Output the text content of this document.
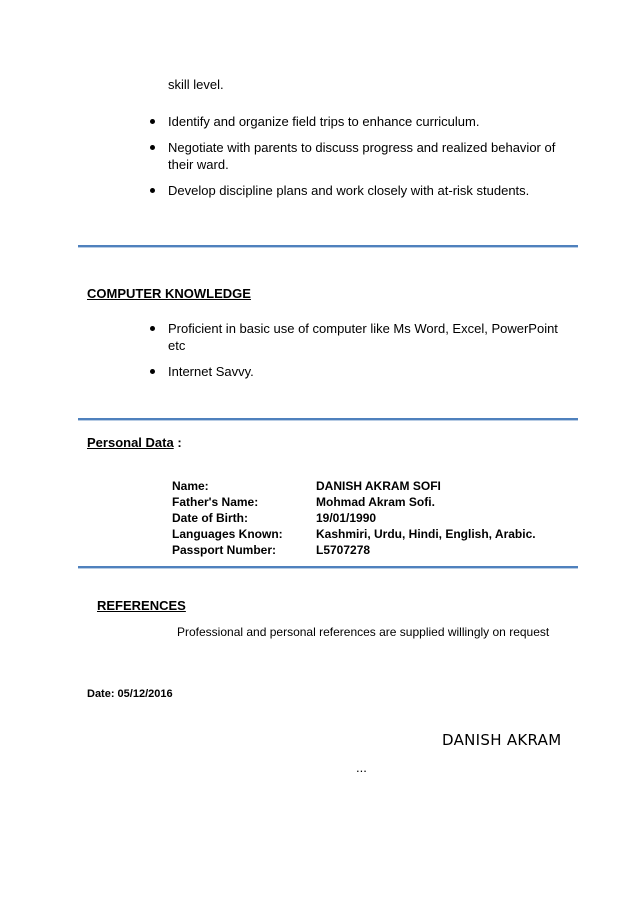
skill level.
Identify and organize field trips to enhance curriculum.
Negotiate with parents to discuss progress and realized behavior of
their ward.
Develop discipline plans and work closely with at-risk students.
COMPUTER KNOWLEDGE
Proficient in basic use of computer like Ms Word, Excel, PowerPoint
etc
Internet Savvy.
Personal Data :
Name:	DANISH AKRAM SOFI
Father's Name:	Mohmad Akram Sofi.
Date of Birth:	19/01/1990
Languages Known:	Kashmiri, Urdu, Hindi, English, Arabic.
Passport Number:	L5707278
REFERENCES
Professional and personal references are supplied willingly on request
Date: 05/12/2016
DANISH AKRAM
...
